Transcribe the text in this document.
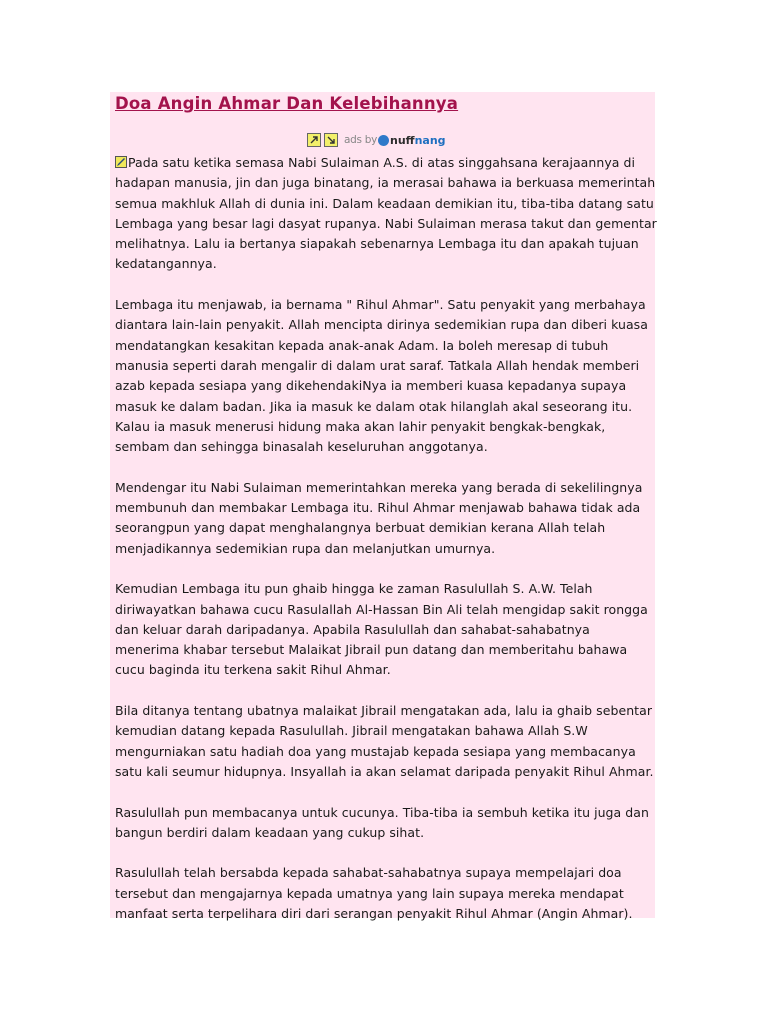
Doa Angin Ahmar Dan Kelebihannya
ads by nuffnang

Pada satu ketika semasa Nabi Sulaiman A.S. di atas singgahsana kerajaannya di
hadapan manusia, jin dan juga binatang, ia merasai bahawa ia berkuasa memerintah
semua makhluk Allah di dunia ini. Dalam keadaan demikian itu, tiba-tiba datang satu
Lembaga yang besar lagi dasyat rupanya. Nabi Sulaiman merasa takut dan gementar
melihatnya. Lalu ia bertanya siapakah sebenarnya Lembaga itu dan apakah tujuan
kedatangannya.

Lembaga itu menjawab, ia bernama " Rihul Ahmar". Satu penyakit yang merbahaya
diantara lain-lain penyakit. Allah mencipta dirinya sedemikian rupa dan diberi kuasa
mendatangkan kesakitan kepada anak-anak Adam. Ia boleh meresap di tubuh
manusia seperti darah mengalir di dalam urat saraf. Tatkala Allah hendak memberi
azab kepada sesiapa yang dikehendakiNya ia memberi kuasa kepadanya supaya
masuk ke dalam badan. Jika ia masuk ke dalam otak hilanglah akal seseorang itu.
Kalau ia masuk menerusi hidung maka akan lahir penyakit bengkak-bengkak,
sembam dan sehingga binasalah keseluruhan anggotanya.

Mendengar itu Nabi Sulaiman memerintahkan mereka yang berada di sekelilingnya
membunuh dan membakar Lembaga itu. Rihul Ahmar menjawab bahawa tidak ada
seorangpun yang dapat menghalangnya berbuat demikian kerana Allah telah
menjadikannya sedemikian rupa dan melanjutkan umurnya.

Kemudian Lembaga itu pun ghaib hingga ke zaman Rasulullah S. A.W. Telah
diriwayatkan bahawa cucu Rasulallah Al-Hassan Bin Ali telah mengidap sakit rongga
dan keluar darah daripadanya. Apabila Rasulullah dan sahabat-sahabatnya
menerima khabar tersebut Malaikat Jibrail pun datang dan memberitahu bahawa
cucu baginda itu terkena sakit Rihul Ahmar.

Bila ditanya tentang ubatnya malaikat Jibrail mengatakan ada, lalu ia ghaib sebentar
kemudian datang kepada Rasulullah. Jibrail mengatakan bahawa Allah S.W
mengurniakan satu hadiah doa yang mustajab kepada sesiapa yang membacanya
satu kali seumur hidupnya. Insyallah ia akan selamat daripada penyakit Rihul Ahmar.

Rasulullah pun membacanya untuk cucunya. Tiba-tiba ia sembuh ketika itu juga dan
bangun berdiri dalam keadaan yang cukup sihat.

Rasulullah telah bersabda kepada sahabat-sahabatnya supaya mempelajari doa
tersebut dan mengajarnya kepada umatnya yang lain supaya mereka mendapat
manfaat serta terpelihara diri dari serangan penyakit Rihul Ahmar (Angin Ahmar).
